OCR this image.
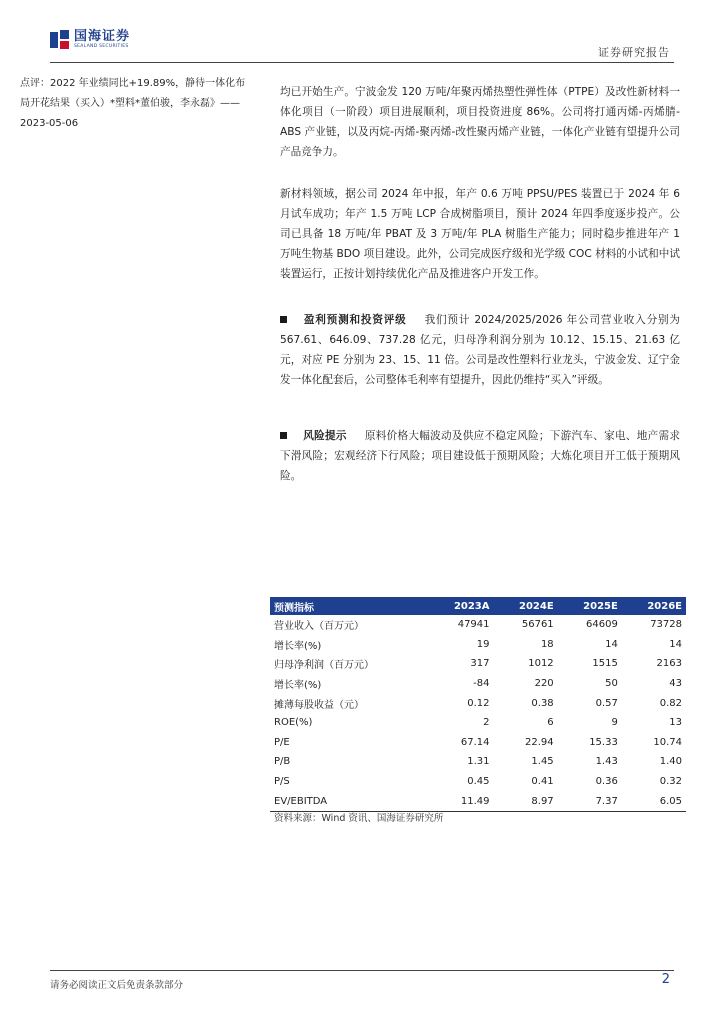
国海证券
SEALAND SECURITIES	证券研究报告
点评：2022 年业绩同比+19.89%，静待一体化布
局开花结果（买入）*塑料*董伯骏，李永磊》——
2023-05-06
均已开始生产。宁波金发 120 万吨/年聚丙烯热塑性弹性体（PTPE）及改性新材料一体化项目（一阶段）项目进展顺利，项目投资进度 86%。公司将打通丙烯-丙烯腈-ABS 产业链，以及丙烷-丙烯-聚丙烯-改性聚丙烯产业链，一体化产业链有望提升公司产品竞争力。
新材料领域，据公司 2024 年中报，年产 0.6 万吨 PPSU/PES 装置已于 2024 年 6 月试车成功；年产 1.5 万吨 LCP 合成树脂项目，预计 2024 年四季度逐步投产。公司已具备 18 万吨/年 PBAT 及 3 万吨/年 PLA 树脂生产能力；同时稳步推进年产 1 万吨生物基 BDO 项目建设。此外，公司完成医疗级和光学级 COC 材料的小试和中试装置运行，正按计划持续优化产品及推进客户开发工作。
盈利预测和投资评级 我们预计 2024/2025/2026 年公司营业收入分别为 567.61、646.09、737.28 亿元，归母净利润分别为 10.12、15.15、21.63 亿元，对应 PE 分别为 23、15、11 倍。公司是改性塑料行业龙头，宁波金发、辽宁金发一体化配套后，公司整体毛利率有望提升，因此仍维持“买入”评级。
风险提示 原料价格大幅波动及供应不稳定风险；下游汽车、家电、地产需求下滑风险；宏观经济下行风险；项目建设低于预期风险；大炼化项目开工低于预期风险。
预测指标	2023A	2024E	2025E	2026E
营业收入（百万元）	47941	56761	64609	73728
增长率(%)	19	18	14	14
归母净利润（百万元）	317	1012	1515	2163
增长率(%)	-84	220	50	43
摊薄每股收益（元）	0.12	0.38	0.57	0.82
ROE(%)	2	6	9	13
P/E	67.14	22.94	15.33	10.74
P/B	1.31	1.45	1.43	1.40
P/S	0.45	0.41	0.36	0.32
EV/EBITDA	11.49	8.97	7.37	6.05
资料来源：Wind 资讯、国海证券研究所
请务必阅读正文后免责条款部分	2
